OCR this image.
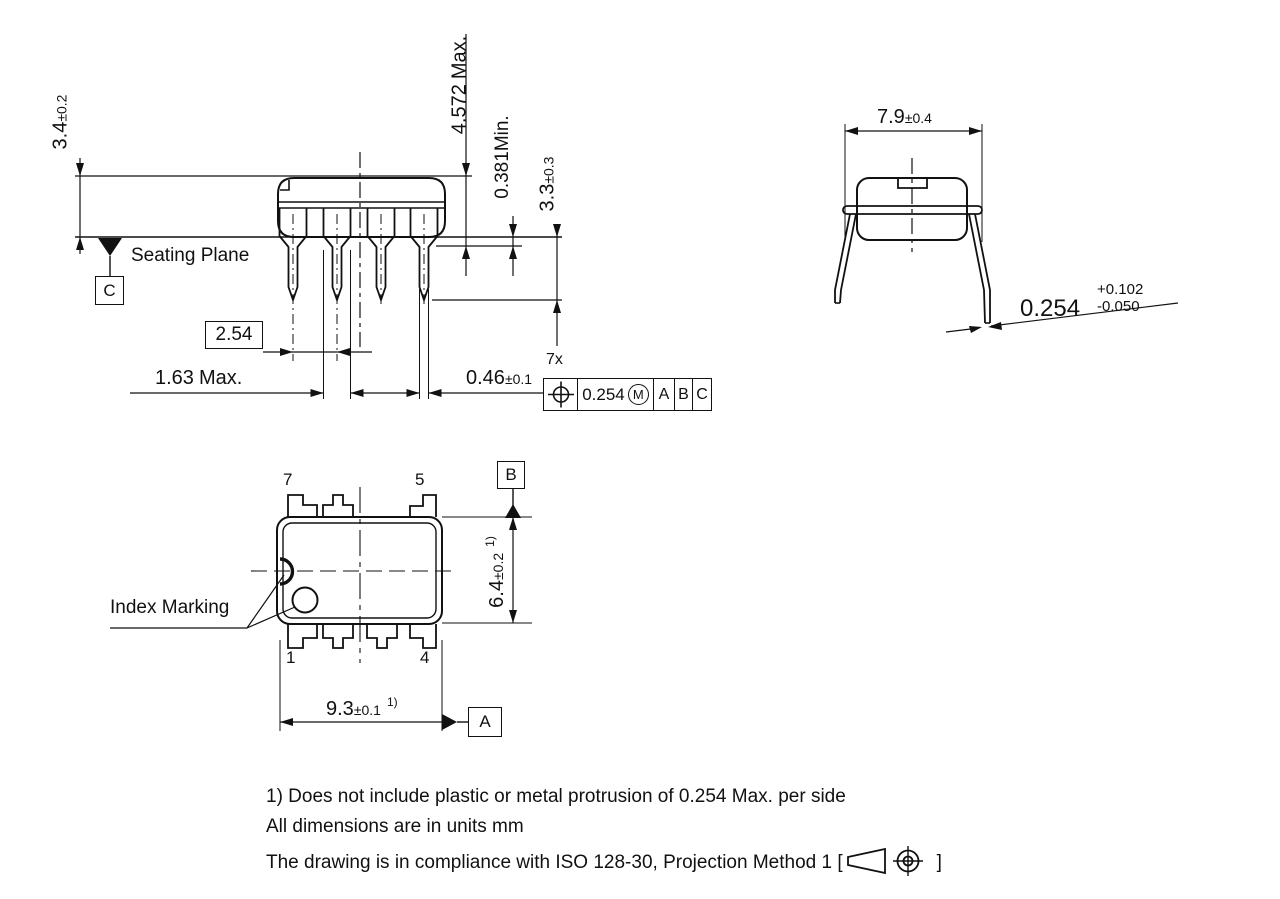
3.4±0.2	4.572Max.
0.381Min.
3.3±0.3
Seating Plane
C
2.54
1.63 Max.	0.46±0.1
7x
0.254 M A B C
7.9±0.4
0.254
+0.102
-0.050
7	5
1	4
Index Marking
B
A
$6.4\pm 0.2^{1)}$
9.3±0.1 $^{1)}$
1) Does not include plastic or metal protrusion of 0.254 Max. per side
All dimensions are in units mm
The drawing is in compliance with ISO 128-30, Projection Method 1 [	]
